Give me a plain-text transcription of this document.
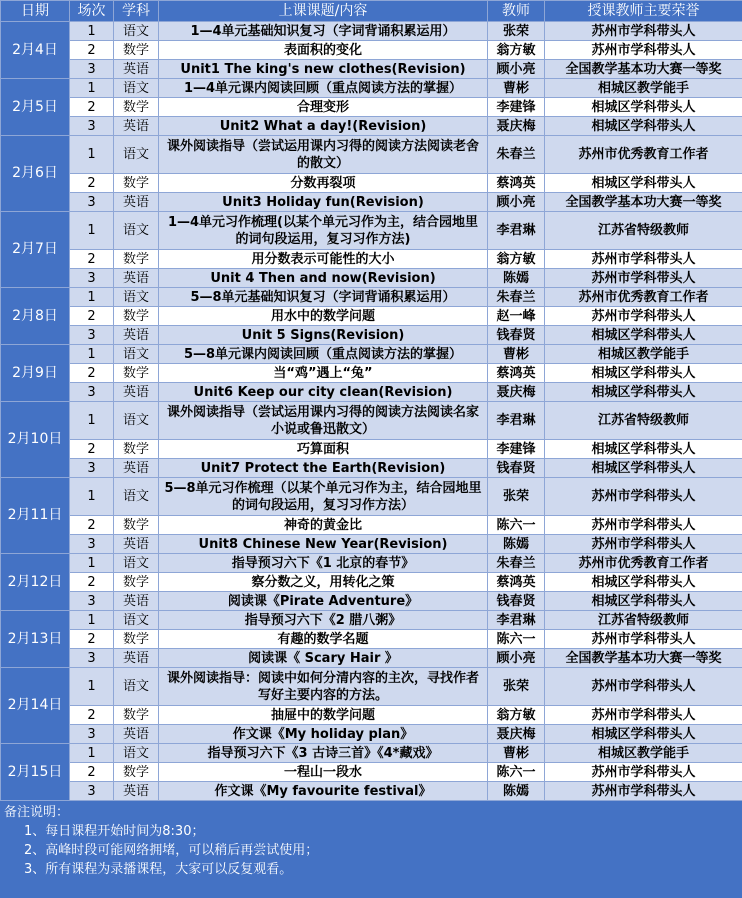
日期	场次	学科	上课课题/内容	教师	授课教师主要荣誉
2月4日	1	语文	1—4单元基础知识复习（字词背诵积累运用）	张荣	苏州市学科带头人
	2	数学	表面积的变化	翁方敏	苏州市学科带头人
	3	英语	Unit1 The king's new clothes(Revision)	顾小亮	全国教学基本功大赛一等奖
2月5日	1	语文	1—4单元课内阅读回顾（重点阅读方法的掌握）	曹彬	相城区教学能手
	2	数学	合理变形	李建锋	相城区学科带头人
	3	英语	Unit2 What a day!(Revision)	聂庆梅	相城区学科带头人
2月6日	1	语文	课外阅读指导（尝试运用课内习得的阅读方法阅读老舍的散文）	朱春兰	苏州市优秀教育工作者
	2	数学	分数再裂项	蔡鸿英	相城区学科带头人
	3	英语	Unit3 Holiday fun(Revision)	顾小亮	全国教学基本功大赛一等奖
2月7日	1	语文	1—4单元习作梳理(以某个单元习作为主，结合园地里的词句段运用，复习习作方法)	李君琳	江苏省特级教师
	2	数学	用分数表示可能性的大小	翁方敏	苏州市学科带头人
	3	英语	Unit 4 Then and now(Revision)	陈嫣	苏州市学科带头人
2月8日	1	语文	5—8单元基础知识复习（字词背诵积累运用）	朱春兰	苏州市优秀教育工作者
	2	数学	用水中的数学问题	赵一峰	苏州市学科带头人
	3	英语	Unit 5 Signs(Revision)	钱春贤	相城区学科带头人
2月9日	1	语文	5—8单元课内阅读回顾（重点阅读方法的掌握）	曹彬	相城区教学能手
	2	数学	当“鸡”遇上“兔”	蔡鸿英	相城区学科带头人
	3	英语	Unit6 Keep our city clean(Revision)	聂庆梅	相城区学科带头人
2月10日	1	语文	课外阅读指导（尝试运用课内习得的阅读方法阅读名家小说或鲁迅散文）	李君琳	江苏省特级教师
	2	数学	巧算面积	李建锋	相城区学科带头人
	3	英语	Unit7 Protect the Earth(Revision)	钱春贤	相城区学科带头人
2月11日	1	语文	5—8单元习作梳理（以某个单元习作为主，结合园地里的词句段运用，复习习作方法）	张荣	苏州市学科带头人
	2	数学	神奇的黄金比	陈六一	苏州市学科带头人
	3	英语	Unit8 Chinese New Year(Revision)	陈嫣	苏州市学科带头人
2月12日	1	语文	指导预习六下《1 北京的春节》	朱春兰	苏州市优秀教育工作者
	2	数学	察分数之义，用转化之策	蔡鸿英	相城区学科带头人
	3	英语	阅读课《Pirate Adventure》	钱春贤	相城区学科带头人
2月13日	1	语文	指导预习六下《2 腊八粥》	李君琳	江苏省特级教师
	2	数学	有趣的数学名题	陈六一	苏州市学科带头人
	3	英语	阅读课《 Scary Hair 》	顾小亮	全国教学基本功大赛一等奖
2月14日	1	语文	课外阅读指导：阅读中如何分清内容的主次，寻找作者写好主要内容的方法。	张荣	苏州市学科带头人
	2	数学	抽屉中的数学问题	翁方敏	苏州市学科带头人
	3	英语	作文课《My holiday plan》	聂庆梅	相城区学科带头人
2月15日	1	语文	指导预习六下《3 古诗三首》《4*藏戏》	曹彬	相城区教学能手
	2	数学	一程山一段水	陈六一	苏州市学科带头人
	3	英语	作文课《My favourite festival》	陈嫣	苏州市学科带头人
备注说明：
1、每日课程开始时间为8:30；
2、高峰时段可能网络拥堵，可以稍后再尝试使用；
3、所有课程为录播课程，大家可以反复观看。
